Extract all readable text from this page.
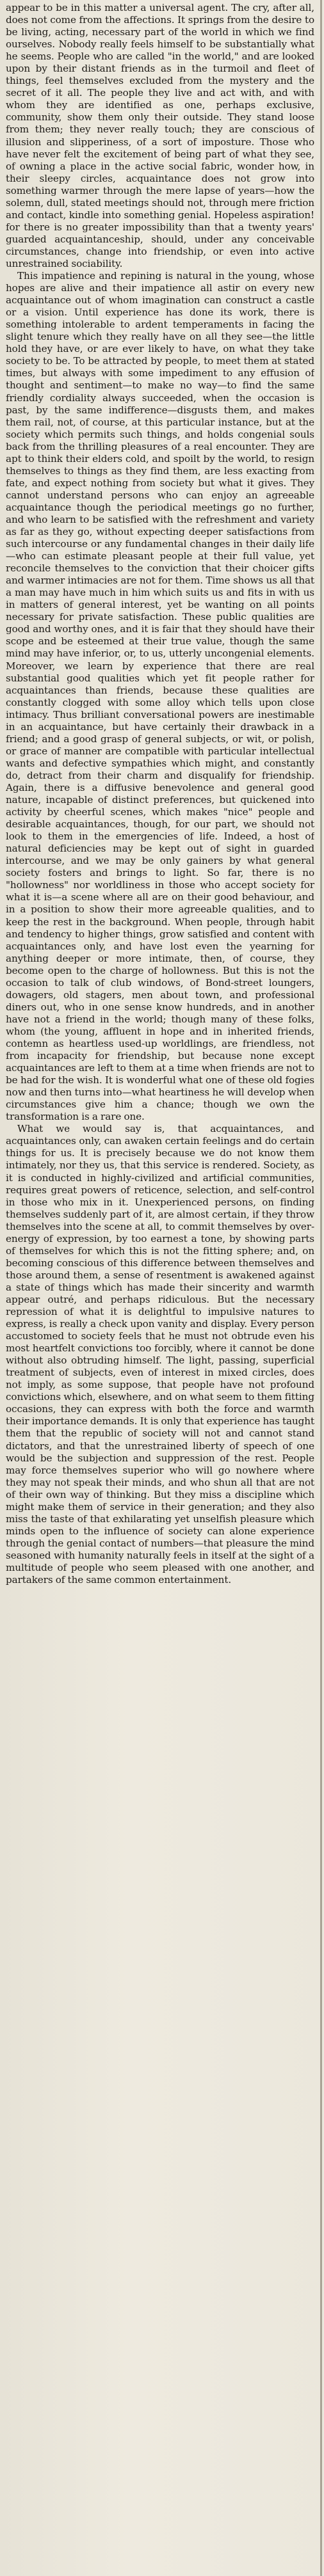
appear to be in this matter a universal agent. The cry, after all, does not come from the affections. It springs from the desire to be living, acting, necessary part of the world in which we find ourselves. Nobody really feels himself to be substantially what he seems. People who are called "in the world," and are looked upon by their distant friends as in the turmoil and fleet of things, feel themselves excluded from the mystery and the secret of it all. The people they live and act with, and with whom they are identified as one, perhaps exclusive, community, show them only their outside. They stand loose from them; they never really touch; they are conscious of illusion and slipperiness, of a sort of imposture. Those who have never felt the excitement of being part of what they see, of owning a place in the active social fabric, wonder how, in their sleepy circles, acquaintance does not grow into something warmer through the mere lapse of years—how the solemn, dull, stated meetings should not, through mere friction and contact, kindle into something genial. Hopeless aspiration! for there is no greater impossibility than that a twenty years' guarded acquaintanceship, should, under any conceivable circumstances, change into friendship, or even into active unrestrained sociability.

This impatience and repining is natural in the young, whose hopes are alive and their impatience all astir on every new acquaintance out of whom imagination can construct a castle or a vision. Until experience has done its work, there is something intolerable to ardent temperaments in facing the slight tenure which they really have on all they see—the little hold they have, or are ever likely to have, on what they take society to be. To be attracted by people, to meet them at stated times, but always with some impediment to any effusion of thought and sentiment—to make no way—to find the same friendly cordiality always succeeded, when the occasion is past, by the same indifference—disgusts them, and makes them rail, not, of course, at this particular instance, but at the society which permits such things, and holds congenial souls back from the thrilling pleasures of a real encounter. They are apt to think their elders cold, and spoilt by the world, to resign themselves to things as they find them, are less exacting from fate, and expect nothing from society but what it gives. They cannot understand persons who can enjoy an agreeable acquaintance though the periodical meetings go no further, and who learn to be satisfied with the refreshment and variety as far as they go, without expecting deeper satisfactions from such intercourse or any fundamental changes in their daily life—who can estimate pleasant people at their full value, yet reconcile themselves to the conviction that their choicer gifts and warmer intimacies are not for them. Time shows us all that a man may have much in him which suits us and fits in with us in matters of general interest, yet be wanting on all points necessary for private satisfaction. These public qualities are good and worthy ones, and it is fair that they should have their scope and be esteemed at their true value, though the same mind may have inferior, or, to us, utterly uncongenial elements. Moreover, we learn by experience that there are real substantial good qualities which yet fit people rather for acquaintances than friends, because these qualities are constantly clogged with some alloy which tells upon close intimacy. Thus brilliant conversational powers are inestimable in an acquaintance, but have certainly their drawback in a friend; and a good grasp of general subjects, or wit, or polish, or grace of manner are compatible with particular intellectual wants and defective sympathies which might, and constantly do, detract from their charm and disqualify for friendship. Again, there is a diffusive benevolence and general good nature, incapable of distinct preferences, but quickened into activity by cheerful scenes, which makes "nice" people and desirable acquaintances, though, for our part, we should not look to them in the emergencies of life. Indeed, a host of natural deficiencies may be kept out of sight in guarded intercourse, and we may be only gainers by what general society fosters and brings to light. So far, there is no "hollowness" nor worldliness in those who accept society for what it is—a scene where all are on their good behaviour, and in a position to show their more agreeable qualities, and to keep the rest in the background. When people, through habit and tendency to higher things, grow satisfied and content with acquaintances only, and have lost even the yearning for anything deeper or more intimate, then, of course, they become open to the charge of hollowness. But this is not the occasion to talk of club windows, of Bond-street loungers, dowagers, old stagers, men about town, and professional diners out, who in one sense know hundreds, and in another have not a friend in the world; though many of these folks, whom (the young, affluent in hope and in inherited friends, contemn as heartless used-up worldlings, are friendless, not from incapacity for friendship, but because none except acquaintances are left to them at a time when friends are not to be had for the wish. It is wonderful what one of these old fogies now and then turns into—what heartiness he will develop when circumstances give him a chance; though we own the transformation is a rare one.

What we would say is, that acquaintances, and acquaintances only, can awaken certain feelings and do certain things for us. It is precisely because we do not know them intimately, nor they us, that this service is rendered. Society, as it is conducted in highly-civilized and artificial communities, requires great powers of reticence, selection, and self-control in those who mix in it. Unexperienced persons, on finding themselves suddenly part of it, are almost certain, if they throw themselves into the scene at all, to commit themselves by over-energy of expression, by too earnest a tone, by showing parts of themselves for which this is not the fitting sphere; and, on becoming conscious of this difference between themselves and those around them, a sense of resentment is awakened against a state of things which has made their sincerity and warmth appear outré, and perhaps ridiculous. But the necessary repression of what it is delightful to impulsive natures to express, is really a check upon vanity and display. Every person accustomed to society feels that he must not obtrude even his most heartfelt convictions too forcibly, where it cannot be done without also obtruding himself. The light, passing, superficial treatment of subjects, even of interest in mixed circles, does not imply, as some suppose, that people have not profound convictions which, elsewhere, and on what seem to them fitting occasions, they can express with both the force and warmth their importance demands. It is only that experience has taught them that the republic of society will not and cannot stand dictators, and that the unrestrained liberty of speech of one would be the subjection and suppression of the rest. People may force themselves superior who will go nowhere where they may not speak their minds, and who shun all that are not of their own way of thinking. But they miss a discipline which might make them of service in their generation; and they also miss the taste of that exhilarating yet unselfish pleasure which minds open to the influence of society can alone experience through the genial contact of numbers—that pleasure the mind seasoned with humanity naturally feels in itself at the sight of a multitude of people who seem pleased with one another, and partakers of the same common entertainment.
